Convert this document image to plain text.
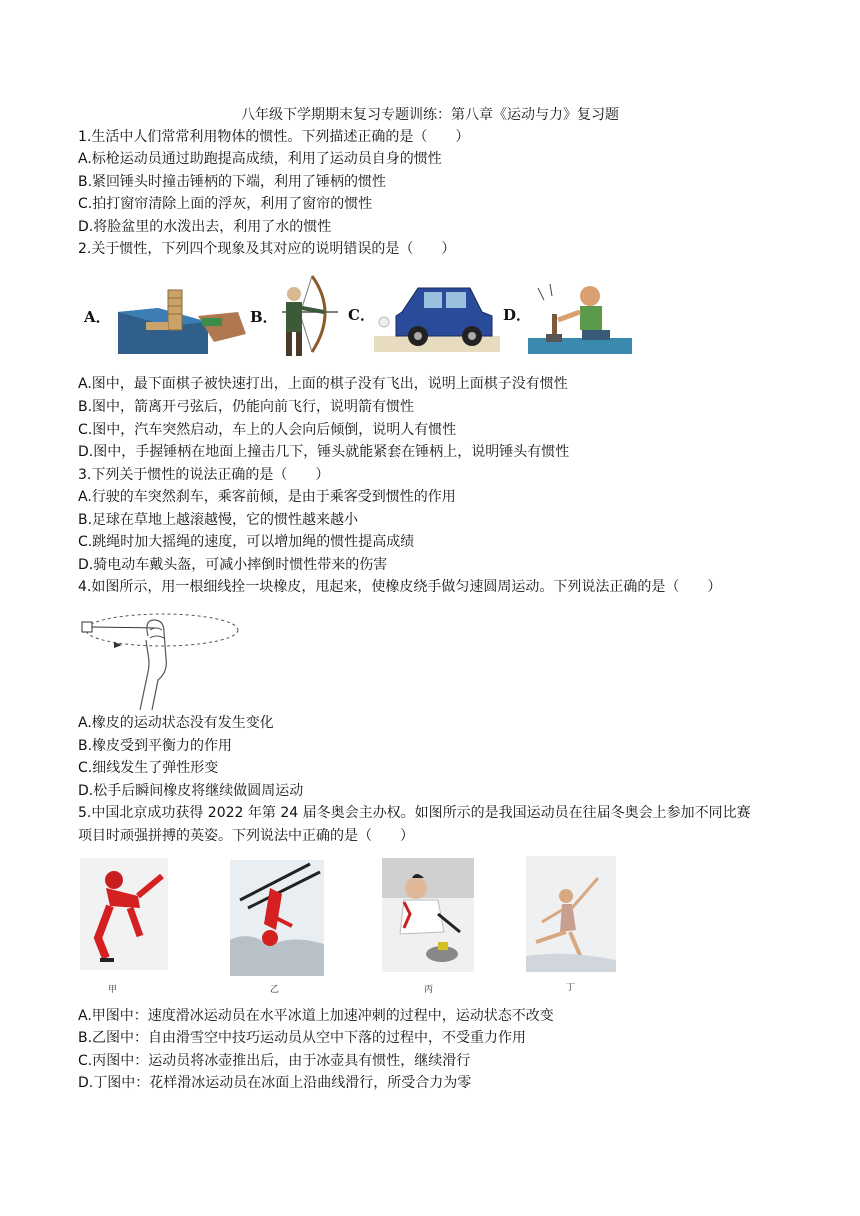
八年级下学期期末复习专题训练：第八章《运动与力》复习题
1.生活中人们常常利用物体的惯性。下列描述正确的是（　　）
A.标枪运动员通过助跑提高成绩，利用了运动员自身的惯性
B.紧回锤头时撞击锤柄的下端，利用了锤柄的惯性
C.拍打窗帘清除上面的浮灰，利用了窗帘的惯性
D.将脸盆里的水泼出去，利用了水的惯性
2.关于惯性，下列四个现象及其对应的说明错误的是（　　）
A．	B．	C．	D．
A.图中，最下面棋子被快速打出，上面的棋子没有飞出，说明上面棋子没有惯性
B.图中，箭离开弓弦后，仍能向前飞行，说明箭有惯性
C.图中，汽车突然启动，车上的人会向后倾倒，说明人有惯性
D.图中，手握锤柄在地面上撞击几下，锤头就能紧套在锤柄上，说明锤头有惯性
3.下列关于惯性的说法正确的是（　　）
A.行驶的车突然刹车，乘客前倾，是由于乘客受到惯性的作用
B.足球在草地上越滚越慢，它的惯性越来越小
C.跳绳时加大摇绳的速度，可以增加绳的惯性提高成绩
D.骑电动车戴头盔，可减小摔倒时惯性带来的伤害
4.如图所示，用一根细线拴一块橡皮，甩起来，使橡皮绕手做匀速圆周运动。下列说法正确的是（　　）
A.橡皮的运动状态没有发生变化
B.橡皮受到平衡力的作用
C.细线发生了弹性形变
D.松手后瞬间橡皮将继续做圆周运动
5.中国北京成功获得 2022 年第 24 届冬奥会主办权。如图所示的是我国运动员在往届冬奥会上参加不同比赛
项目时顽强拼搏的英姿。下列说法中正确的是（　　）
甲	乙	丙	丁
A.甲图中：速度滑冰运动员在水平冰道上加速冲刺的过程中，运动状态不改变
B.乙图中：自由滑雪空中技巧运动员从空中下落的过程中，不受重力作用
C.丙图中：运动员将冰壶推出后，由于冰壶具有惯性，继续滑行
D.丁图中：花样滑冰运动员在冰面上沿曲线滑行，所受合力为零
